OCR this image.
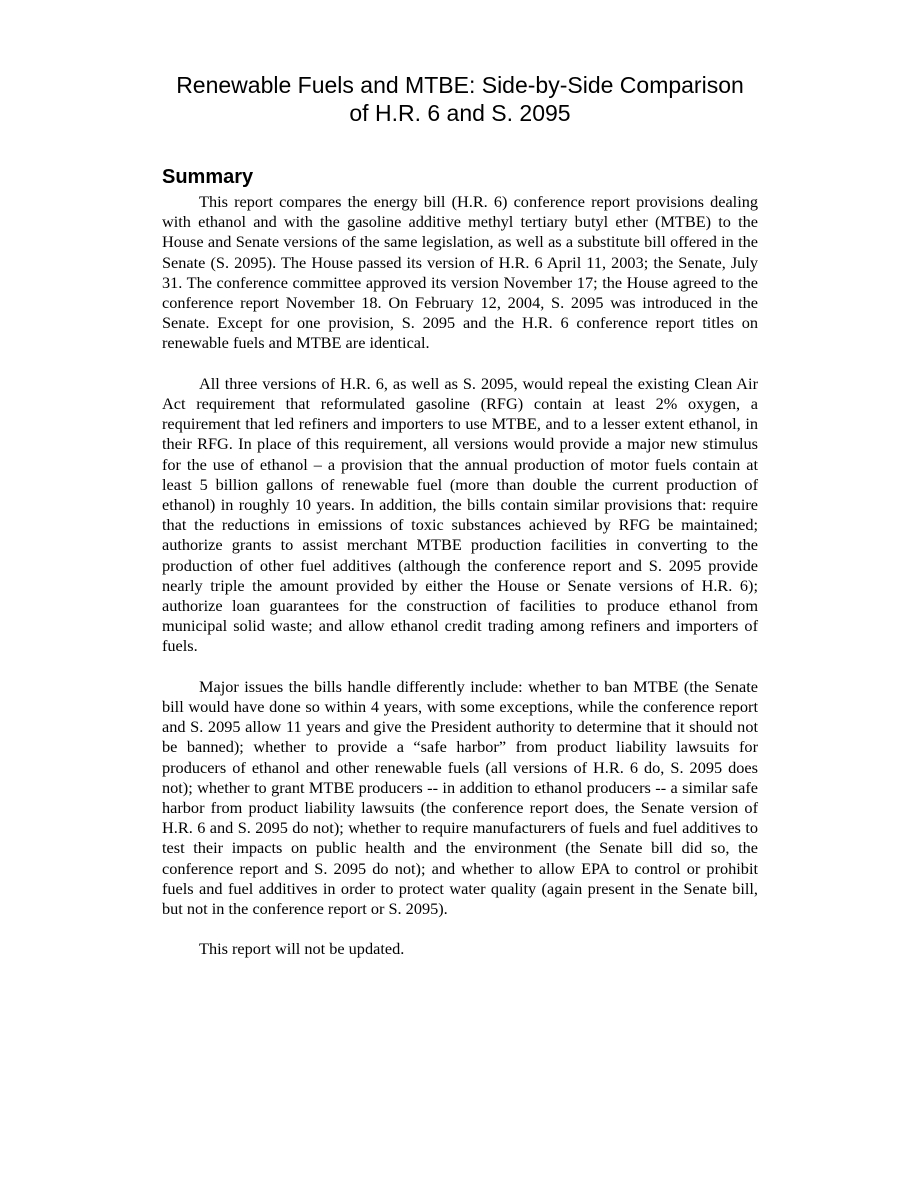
Renewable Fuels and MTBE: Side-by-Side Comparison
of H.R. 6 and S. 2095
Summary

This report compares the energy bill (H.R. 6) conference report provisions dealing with ethanol and with the gasoline additive methyl tertiary butyl ether (MTBE) to the House and Senate versions of the same legislation, as well as a substitute bill offered in the Senate (S. 2095). The House passed its version of H.R. 6 April 11, 2003; the Senate, July 31. The conference committee approved its version November 17; the House agreed to the conference report November 18. On February 12, 2004, S. 2095 was introduced in the Senate. Except for one provision, S. 2095 and the H.R. 6 conference report titles on renewable fuels and MTBE are identical.

All three versions of H.R. 6, as well as S. 2095, would repeal the existing Clean Air Act requirement that reformulated gasoline (RFG) contain at least 2% oxygen, a requirement that led refiners and importers to use MTBE, and to a lesser extent ethanol, in their RFG. In place of this requirement, all versions would provide a major new stimulus for the use of ethanol – a provision that the annual production of motor fuels contain at least 5 billion gallons of renewable fuel (more than double the current production of ethanol) in roughly 10 years. In addition, the bills contain similar provisions that: require that the reductions in emissions of toxic substances achieved by RFG be maintained; authorize grants to assist merchant MTBE production facilities in converting to the production of other fuel additives (although the conference report and S. 2095 provide nearly triple the amount provided by either the House or Senate versions of H.R. 6); authorize loan guarantees for the construction of facilities to produce ethanol from municipal solid waste; and allow ethanol credit trading among refiners and importers of fuels.

Major issues the bills handle differently include: whether to ban MTBE (the Senate bill would have done so within 4 years, with some exceptions, while the conference report and S. 2095 allow 11 years and give the President authority to determine that it should not be banned); whether to provide a “safe harbor” from product liability lawsuits for producers of ethanol and other renewable fuels (all versions of H.R. 6 do, S. 2095 does not); whether to grant MTBE producers -- in addition to ethanol producers -- a similar safe harbor from product liability lawsuits (the conference report does, the Senate version of H.R. 6 and S. 2095 do not); whether to require manufacturers of fuels and fuel additives to test their impacts on public health and the environment (the Senate bill did so, the conference report and S. 2095 do not); and whether to allow EPA to control or prohibit fuels and fuel additives in order to protect water quality (again present in the Senate bill, but not in the conference report or S. 2095).

This report will not be updated.
